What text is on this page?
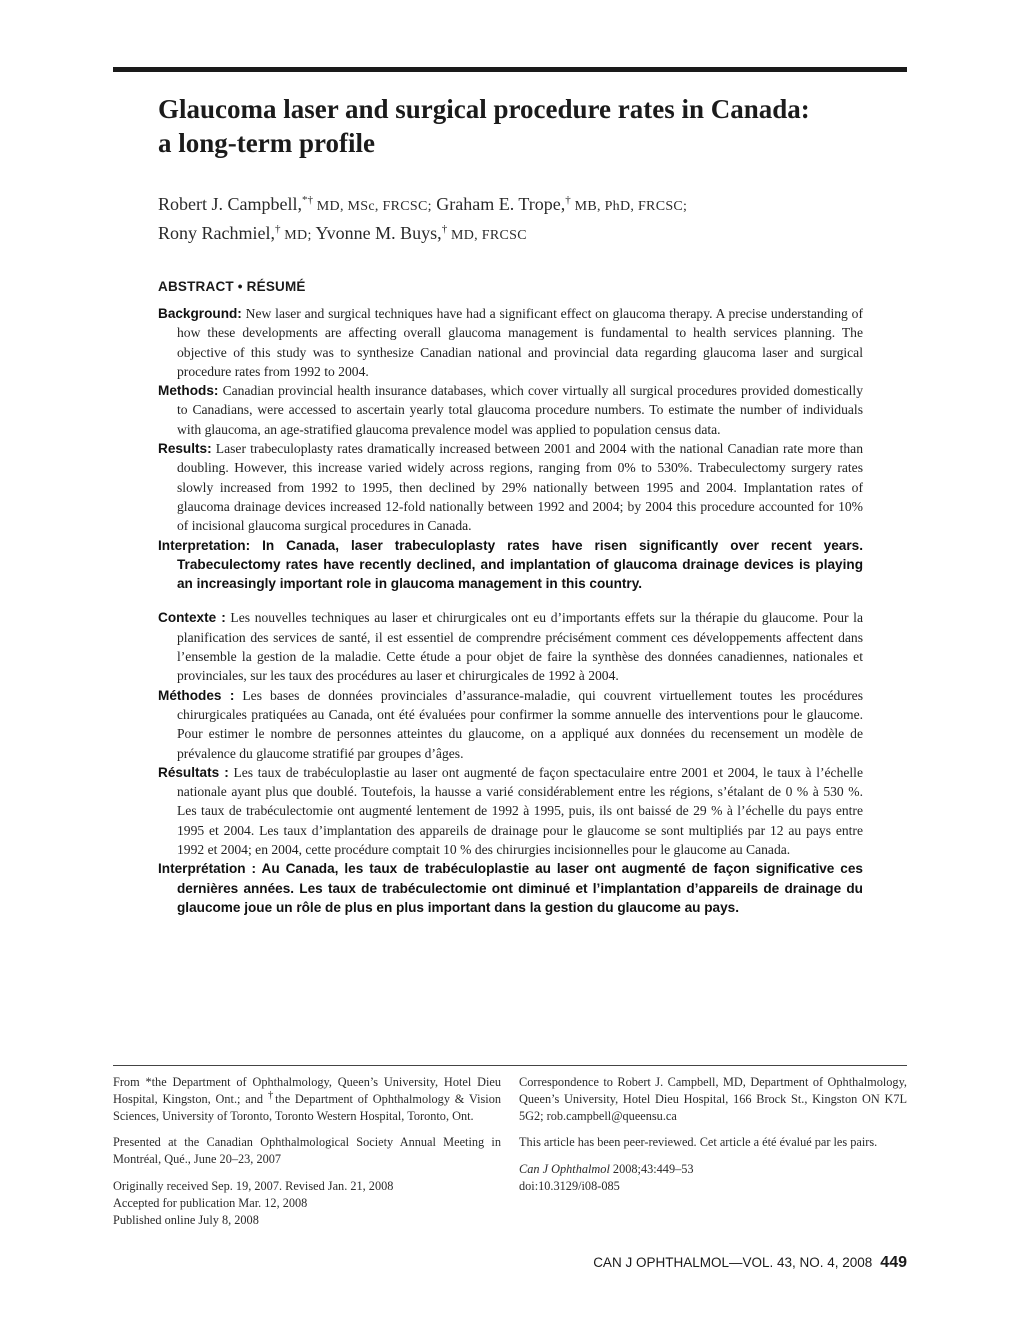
Glaucoma laser and surgical procedure rates in Canada:
a long-term profile
Robert J. Campbell,*† MD, MSc, FRCSC; Graham E. Trope,† MB, PhD, FRCSC;
Rony Rachmiel,† MD; Yvonne M. Buys,† MD, FRCSC
ABSTRACT • RÉSUMÉ

Background: New laser and surgical techniques have had a significant effect on glaucoma therapy. A precise understanding of how these developments are affecting overall glaucoma management is fundamental to health services planning. The objective of this study was to synthesize Canadian national and provincial data regarding glaucoma laser and surgical procedure rates from 1992 to 2004.

Methods: Canadian provincial health insurance databases, which cover virtually all surgical procedures provided domestically to Canadians, were accessed to ascertain yearly total glaucoma procedure numbers. To estimate the number of individuals with glaucoma, an age-stratified glaucoma prevalence model was applied to population census data.

Results: Laser trabeculoplasty rates dramatically increased between 2001 and 2004 with the national Canadian rate more than doubling. However, this increase varied widely across regions, ranging from 0% to 530%. Trabeculectomy surgery rates slowly increased from 1992 to 1995, then declined by 29% nationally between 1995 and 2004. Implantation rates of glaucoma drainage devices increased 12-fold nationally between 1992 and 2004; by 2004 this procedure accounted for 10% of incisional glaucoma surgical procedures in Canada.

Interpretation: In Canada, laser trabeculoplasty rates have risen significantly over recent years. Trabeculectomy rates have recently declined, and implantation of glaucoma drainage devices is playing an increasingly important role in glaucoma management in this country.

Contexte : Les nouvelles techniques au laser et chirurgicales ont eu d’importants effets sur la thérapie du glaucome. Pour la planification des services de santé, il est essentiel de comprendre précisément comment ces développements affectent dans l’ensemble la gestion de la maladie. Cette étude a pour objet de faire la synthèse des données canadiennes, nationales et provinciales, sur les taux des procédures au laser et chirurgicales de 1992 à 2004.

Méthodes : Les bases de données provinciales d’assurance-maladie, qui couvrent virtuellement toutes les procédures chirurgicales pratiquées au Canada, ont été évaluées pour confirmer la somme annuelle des interventions pour le glaucome. Pour estimer le nombre de personnes atteintes du glaucome, on a appliqué aux données du recensement un modèle de prévalence du glaucome stratifié par groupes d’âges.

Résultats : Les taux de trabéculoplastie au laser ont augmenté de façon spectaculaire entre 2001 et 2004, le taux à l’échelle nationale ayant plus que doublé. Toutefois, la hausse a varié considérablement entre les régions, s’étalant de 0 % à 530 %. Les taux de trabéculectomie ont augmenté lentement de 1992 à 1995, puis, ils ont baissé de 29 % à l’échelle du pays entre 1995 et 2004. Les taux d’implantation des appareils de drainage pour le glaucome se sont multipliés par 12 au pays entre 1992 et 2004; en 2004, cette procédure comptait 10 % des chirurgies incisionnelles pour le glaucome au Canada.

Interprétation : Au Canada, les taux de trabéculoplastie au laser ont augmenté de façon significative ces dernières années. Les taux de trabéculectomie ont diminué et l’implantation d’appareils de drainage du glaucome joue un rôle de plus en plus important dans la gestion du glaucome au pays.

From *the Department of Ophthalmology, Queen’s University, Hotel Dieu Hospital, Kingston, Ont.; and †the Department of Ophthalmology & Vision Sciences, University of Toronto, Toronto Western Hospital, Toronto, Ont.

Presented at the Canadian Ophthalmological Society Annual Meeting in Montréal, Qué., June 20–23, 2007

Originally received Sep. 19, 2007. Revised Jan. 21, 2008
Accepted for publication Mar. 12, 2008
Published online July 8, 2008

Correspondence to Robert J. Campbell, MD, Department of Ophthalmology, Queen’s University, Hotel Dieu Hospital, 166 Brock St., Kingston ON K7L 5G2; rob.campbell@queensu.ca

This article has been peer-reviewed. Cet article a été évalué par les pairs.

Can J Ophthalmol 2008;43:449–53
doi:10.3129/i08-085

CAN J OPHTHALMOL—VOL. 43, NO. 4, 2008 449
